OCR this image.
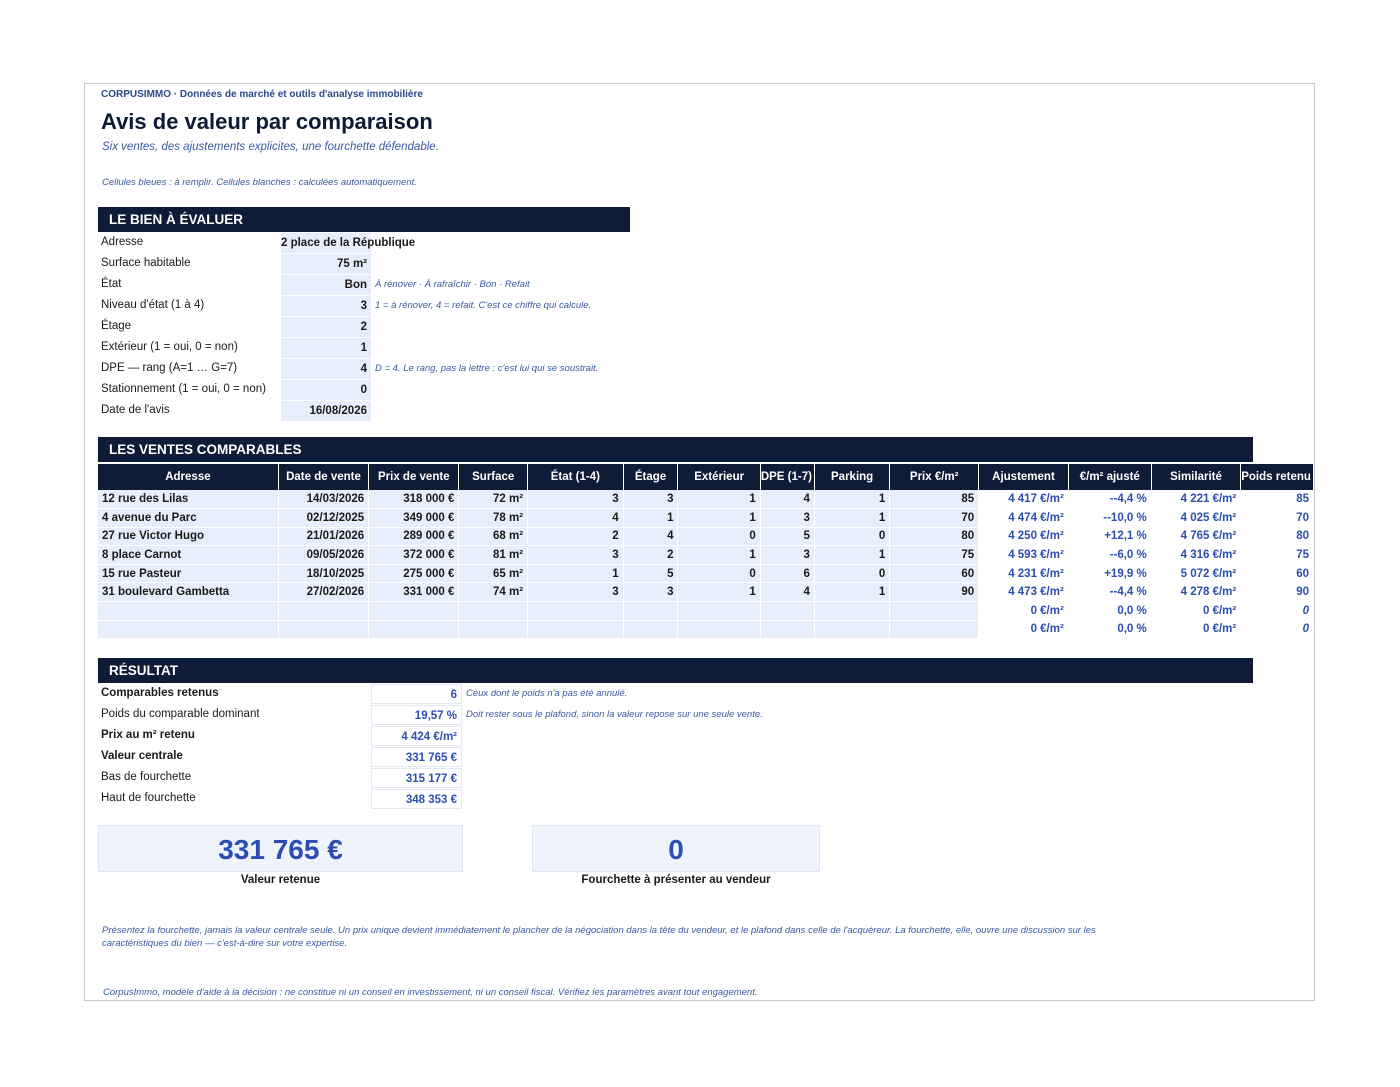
CORPUSIMMO · Données de marché et outils d'analyse immobilière
Avis de valeur par comparaison
Six ventes, des ajustements explicites, une fourchette défendable.
Cellules bleues : à remplir. Cellules blanches : calculées automatiquement.
LE BIEN À ÉVALUER
Adresse	2 place de la République
Surface habitable	75 m²
État	Bon À rénover · À rafraîchir · Bon · Refait
Niveau d'état (1 à 4)	3 1 = à rénover, 4 = refait. C'est ce chiffre qui calcule.
Étage	2
Extérieur (1 = oui, 0 = non)	1
DPE — rang (A=1 … G=7)	4 D = 4. Le rang, pas la lettre : c'est lui qui se soustrait.
Stationnement (1 = oui, 0 = non)	0
Date de l'avis	16/08/2026
LES VENTES COMPARABLES
Adresse	Date de vente	Prix de vente	Surface	État (1-4)	Étage	Extérieur	DPE (1-7)	Parking	Prix €/m²	Ajustement	€/m² ajusté	Similarité	Poids retenu
12 rue des Lilas	14/03/2026	318 000 €	72 m²	3	3	1	4	1	85	4 417 €/m²	--4,4 %	4 221 €/m²	85
4 avenue du Parc	02/12/2025	349 000 €	78 m²	4	1	1	3	1	70	4 474 €/m²	--10,0 %	4 025 €/m²	70
27 rue Victor Hugo	21/01/2026	289 000 €	68 m²	2	4	0	5	0	80	4 250 €/m²	+12,1 %	4 765 €/m²	80
8 place Carnot	09/05/2026	372 000 €	81 m²	3	2	1	3	1	75	4 593 €/m²	--6,0 %	4 316 €/m²	75
15 rue Pasteur	18/10/2025	275 000 €	65 m²	1	5	0	6	0	60	4 231 €/m²	+19,9 %	5 072 €/m²	60
31 boulevard Gambetta	27/02/2026	331 000 €	74 m²	3	3	1	4	1	90	4 473 €/m²	--4,4 %	4 278 €/m²	90
										0 €/m²	0,0 %	0 €/m²	0
										0 €/m²	0,0 %	0 €/m²	0
RÉSULTAT
Comparables retenus	6 Ceux dont le poids n'a pas été annulé.
Poids du comparable dominant	19,57 % Doit rester sous le plafond, sinon la valeur repose sur une seule vente.
Prix au m² retenu	4 424 €/m²
Valeur centrale	331 765 €
Bas de fourchette	315 177 €
Haut de fourchette	348 353 €
331 765 €
Valeur retenue
0
Fourchette à présenter au vendeur
Présentez la fourchette, jamais la valeur centrale seule. Un prix unique devient immédiatement le plancher de la négociation dans la tête du vendeur, et le plafond dans celle de l'acquéreur. La fourchette, elle, ouvre une discussion sur les caractéristiques du bien — c'est-à-dire sur votre expertise.
CorpusImmo, modèle d'aide à la décision : ne constitue ni un conseil en investissement, ni un conseil fiscal. Vérifiez les paramètres avant tout engagement.
